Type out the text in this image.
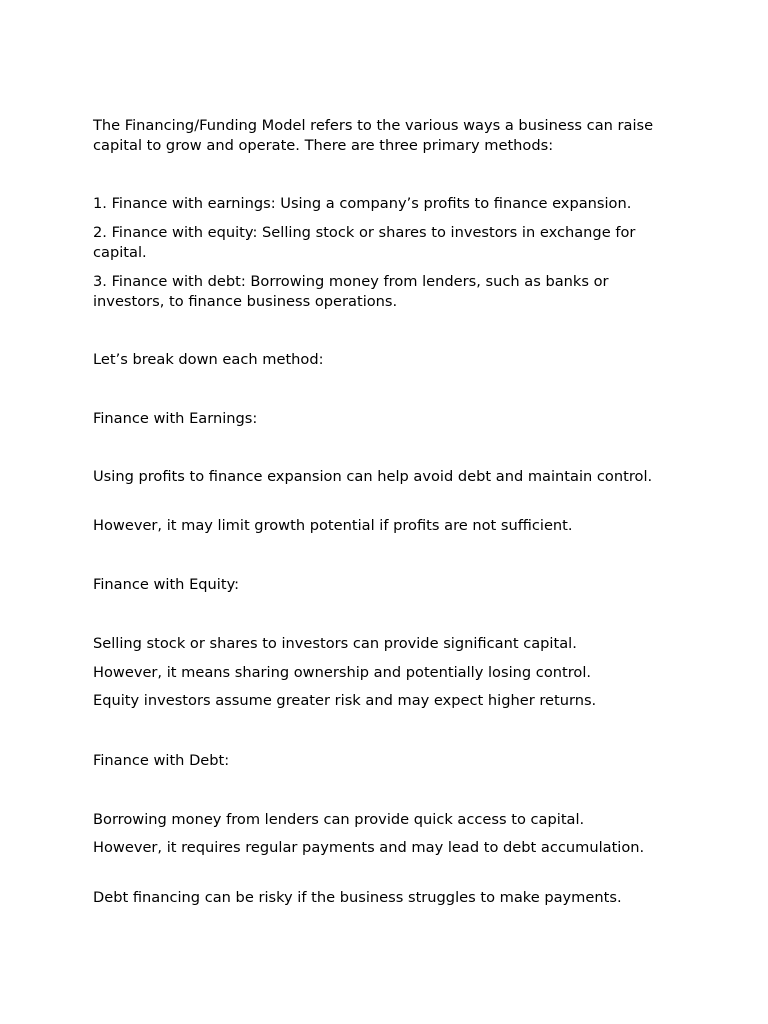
The Financing/Funding Model refers to the various ways a business can raise capital to grow and operate. There are three primary methods:

1. Finance with earnings: Using a company’s profits to finance expansion.

2. Finance with equity: Selling stock or shares to investors in exchange for capital.

3. Finance with debt: Borrowing money from lenders, such as banks or investors, to finance business operations.

Let’s break down each method:

Finance with Earnings:

Using profits to finance expansion can help avoid debt and maintain control.

However, it may limit growth potential if profits are not sufficient.

Finance with Equity:

Selling stock or shares to investors can provide significant capital.

However, it means sharing ownership and potentially losing control.

Equity investors assume greater risk and may expect higher returns.

Finance with Debt:

Borrowing money from lenders can provide quick access to capital.

However, it requires regular payments and may lead to debt accumulation.

Debt financing can be risky if the business struggles to make payments.
